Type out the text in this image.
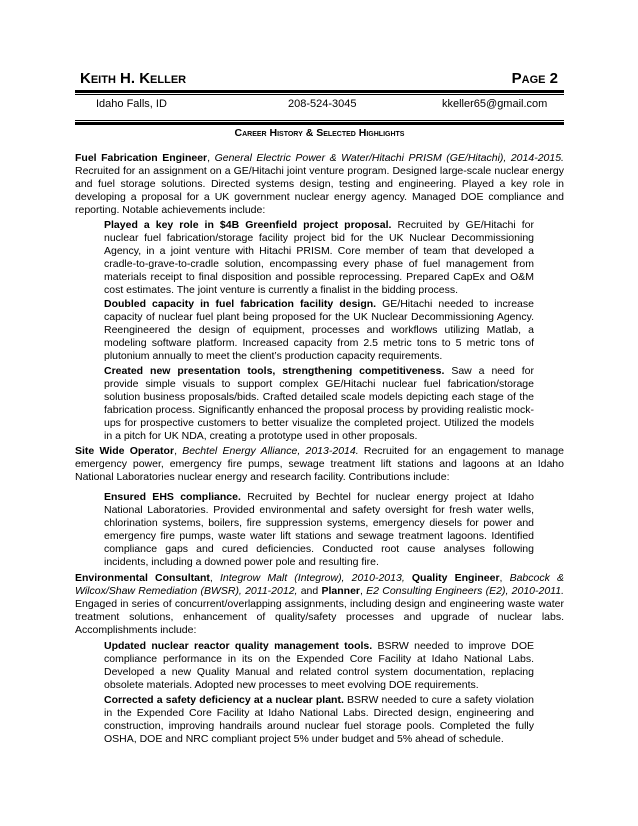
Keith H. Keller	Page 2
Idaho Falls, ID	208-524-3045	kkeller65@gmail.com
Career History & Selected Highlights

Fuel Fabrication Engineer, General Electric Power & Water/Hitachi PRISM (GE/Hitachi), 2014-2015. Recruited for an assignment on a GE/Hitachi joint venture program. Designed large-scale nuclear energy and fuel storage solutions. Directed systems design, testing and engineering. Played a key role in developing a proposal for a UK government nuclear energy agency. Managed DOE compliance and reporting. Notable achievements include:

Played a key role in $4B Greenfield project proposal. Recruited by GE/Hitachi for nuclear fuel fabrication/storage facility project bid for the UK Nuclear Decommissioning Agency, in a joint venture with Hitachi PRISM. Core member of team that developed a cradle-to-grave-to-cradle solution, encompassing every phase of fuel management from materials receipt to final disposition and possible reprocessing. Prepared CapEx and O&M cost estimates. The joint venture is currently a finalist in the bidding process.

Doubled capacity in fuel fabrication facility design. GE/Hitachi needed to increase capacity of nuclear fuel plant being proposed for the UK Nuclear Decommissioning Agency. Reengineered the design of equipment, processes and workflows utilizing Matlab, a modeling software platform. Increased capacity from 2.5 metric tons to 5 metric tons of plutonium annually to meet the client’s production capacity requirements.

Created new presentation tools, strengthening competitiveness. Saw a need for provide simple visuals to support complex GE/Hitachi nuclear fuel fabrication/storage solution business proposals/bids. Crafted detailed scale models depicting each stage of the fabrication process. Significantly enhanced the proposal process by providing realistic mock-ups for prospective customers to better visualize the completed project. Utilized the models in a pitch for UK NDA, creating a prototype used in other proposals.

Site Wide Operator, Bechtel Energy Alliance, 2013-2014. Recruited for an engagement to manage emergency power, emergency fire pumps, sewage treatment lift stations and lagoons at an Idaho National Laboratories nuclear energy and research facility. Contributions include:

Ensured EHS compliance. Recruited by Bechtel for nuclear energy project at Idaho National Laboratories. Provided environmental and safety oversight for fresh water wells, chlorination systems, boilers, fire suppression systems, emergency diesels for power and emergency fire pumps, waste water lift stations and sewage treatment lagoons. Identified compliance gaps and cured deficiencies. Conducted root cause analyses following incidents, including a downed power pole and resulting fire.

Environmental Consultant, Integrow Malt (Integrow), 2010-2013, Quality Engineer, Babcock & Wilcox/Shaw Remediation (BWSR), 2011-2012, and Planner, E2 Consulting Engineers (E2), 2010-2011. Engaged in series of concurrent/overlapping assignments, including design and engineering waste water treatment solutions, enhancement of quality/safety processes and upgrade of nuclear labs. Accomplishments include:

Updated nuclear reactor quality management tools. BSRW needed to improve DOE compliance performance in its on the Expended Core Facility at Idaho National Labs. Developed a new Quality Manual and related control system documentation, replacing obsolete materials. Adopted new processes to meet evolving DOE requirements.

Corrected a safety deficiency at a nuclear plant. BSRW needed to cure a safety violation in the Expended Core Facility at Idaho National Labs. Directed design, engineering and construction, improving handrails around nuclear fuel storage pools. Completed the fully OSHA, DOE and NRC compliant project 5% under budget and 5% ahead of schedule.
